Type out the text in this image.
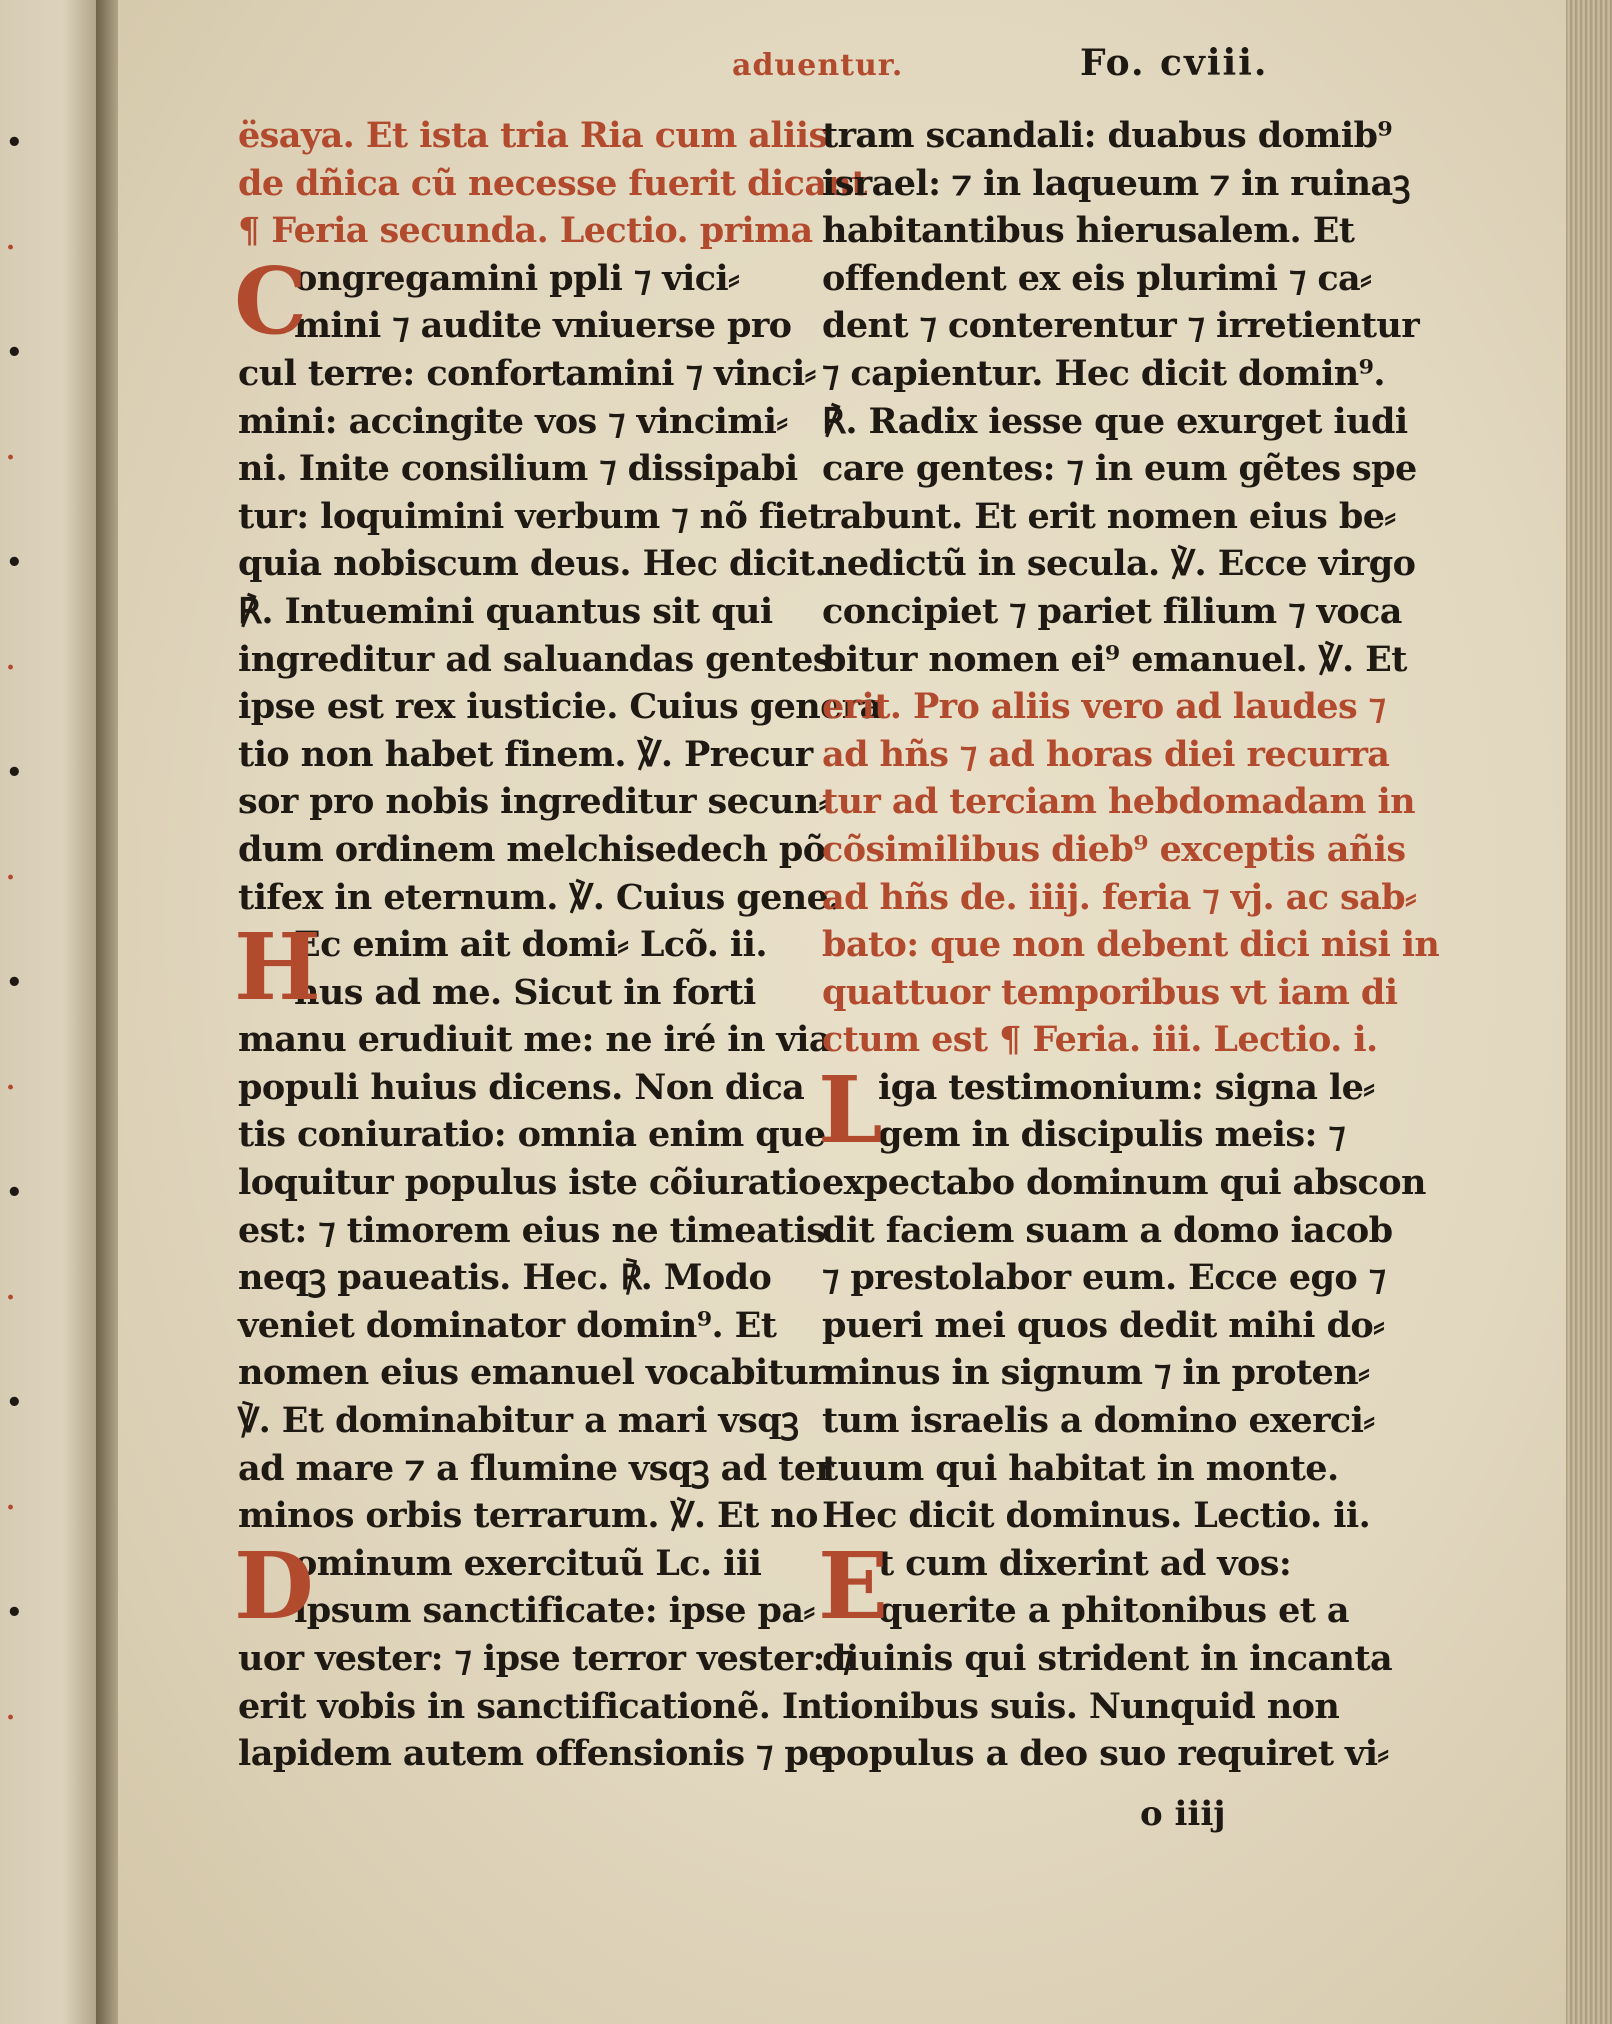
•
·
•
·
•
·
•
·
•
·
•
·
•
·
•
·
aduentur.	Fo. cviii.
ësaya. Et ista tria Ria cum aliis
de dñica cũ necesse fuerit dicant
¶ Feria secunda. Lectio. prima
C
ongregamini ppli ⁊ vici⸗
mini ⁊ audite vniuerse pro
cul terre: confortamini ⁊ vinci⸗
mini: accingite vos ⁊ vincimi⸗
ni. Inite consilium ⁊ dissipabi
tur: loquimini verbum ⁊ nõ fiet
quia nobiscum deus. Hec dicit.
℟. Intuemini quantus sit qui
ingreditur ad saluandas gentes
ipse est rex iusticie. Cuius genera
tio non habet finem. ℣. Precur
sor pro nobis ingreditur secun⸗
dum ordinem melchisedech põ
tifex in eternum. ℣. Cuius gene.
H
Ec enim ait domi⸗ Lcõ. ii.
nus ad me. Sicut in forti
manu erudiuit me: ne iré in via
populi huius dicens. Non dica
tis coniuratio: omnia enim que
loquitur populus iste cõiuratio
est: ⁊ timorem eius ne timeatis
neqꝫ paueatis. Hec. ℟. Modo
veniet dominator domin⁹. Et
nomen eius emanuel vocabitur
℣. Et dominabitur a mari vsqꝫ
ad mare ⁊ a flumine vsqꝫ ad ter
minos orbis terrarum. ℣. Et no
D
ominum exercituũ Lc. iii
ipsum sanctificate: ipse pa⸗
uor vester: ⁊ ipse terror vester: ⁊
erit vobis in sanctificationẽ. In
lapidem autem offensionis ⁊ pe
tram scandali: duabus domib⁹
israel: ⁊ in laqueum ⁊ in ruinaꝫ
habitantibus hierusalem. Et
offendent ex eis plurimi ⁊ ca⸗
dent ⁊ conterentur ⁊ irretientur
⁊ capientur. Hec dicit domin⁹.
℟. Radix iesse que exurget iudi
care gentes: ⁊ in eum gẽtes spe
rabunt. Et erit nomen eius be⸗
nedictũ in secula. ℣. Ecce virgo
concipiet ⁊ pariet filium ⁊ voca
bitur nomen ei⁹ emanuel. ℣. Et
erit. Pro aliis vero ad laudes ⁊
ad hñs ⁊ ad horas diei recurra
tur ad terciam hebdomadam in
cõsimilibus dieb⁹ exceptis añis
ad hñs de. iiij. feria ⁊ vj. ac sab⸗
bato: que non debent dici nisi in
quattuor temporibus vt iam di
ctum est ¶ Feria. iii. Lectio. i.
L
iga testimonium: signa le⸗
gem in discipulis meis: ⁊
expectabo dominum qui abscon
dit faciem suam a domo iacob
⁊ prestolabor eum. Ecce ego ⁊
pueri mei quos dedit mihi do⸗
minus in signum ⁊ in proten⸗
tum israelis a domino exerci⸗
tuum qui habitat in monte.
Hec dicit dominus. Lectio. ii.
E
t cum dixerint ad vos:
querite a phitonibus et a
diuinis qui strident in incanta
tionibus suis. Nunquid non
populus a deo suo requiret vi⸗
o iiij
